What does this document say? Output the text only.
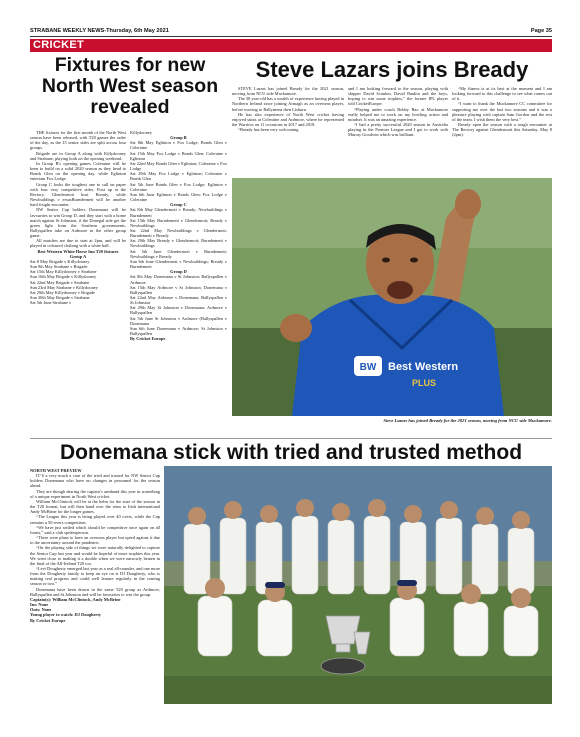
STRABANE WEEKLY NEWS-Thursday, 6th May 2021	Page 35
CRICKET
Fixtures for new North West season revealed
Steve Lazars joins Bready

THE fixtures for the first month of the North West season have been released, with T20 games the order of the day, as the 15 senior sides are split across four groups.

Brigade are in Group A along with Killydooney and Strabane, playing both on the opening weekend.

In Group B's opening games Coleraine will be keen to build on a solid 2020 season as they head to Bonds Glen on the opening day, while Eglinton entertain Fox Lodge.

Group C looks the toughest one to call on paper with four very competitive sides. First up at the Rectory, Glendermott host Bready, while Newbuildings v ersusBurndennett will be another hard fought encounter.

NW Senior Cup holders Donemana will be favourites to win Group D, and they start with a home match against St Johnston, if the Donegal side get the green light from the Southern governments. Ballyspallen take on Ardmore in the other group game.

All matches are due to start at 2pm, and will be played in coloured clothing with a white ball.

Best Western White Horse Inn T20 fixtures

Group A

Sat 8 May Brigade v Killydooney

Sun 9th May Strabane v Brigade

Sat 15th May Killydooney v Strabane

Sun 16th May Brigade v Killydooney

Sat 22nd May Brigade v Strabane

Sun 23rd May Strabane v Killydooney

Sat 29th May Killydooney v Brigade

Sun 30th May Brigade v Strabane

Sat 5th June Strabane v

Killydooney

Group B

Sat 8th May Eglinton v Fox Lodge; Bonds Glen v Coleraine

Sat 15th May Fox Lodge v Bonds Glen; Coleraine v Eglinton

Sat 22nd May Bonds Glen v Eglinton; Coleraine v Fox Lodge

Sat 29th May Fox Lodge v Eglinton; Coleraine v Bonds Glen

Sat 5th June Bonds Glen v Fox Lodge; Eglinton v Coleraine

Sun 6th June Eglinton v Bonds Glen; Fox Lodge v Coleraine

Group C

Sat 8th May Glendermott v Bready; Newbuildings v Burndennett

Sat 15th May Burndennett v Glendermott; Bready v Newbuildings

Sat 22nd May Newbuildings v Glendermott; Burndennett v Bready

Sat 29th May Bready v Glendermott; Burndennett v Newbuildings

Sat 5th June Glendermott v Burndennett; Newbuildings v Bready

Sun 6th June Glendermott v Newbuildings; Bready v Burndennett

Group D

Sat 8th May Donemana v St Johnston; Ballyspallen v Ardmore

Sat 15th May Ardmore v St Johnston; Donemana v Ballyspallen

Sat 22nd May Ardmore v Donemana; Ballyspallen v St Johnston

Sat 29th May St Johnston v Donemana; Ardmore v Ballyspallen

Sat 5th June St Johnston v Ardmore (Ballyspallen v Donemana

Sun 6th June Donemana v Ardmore; St Johnston v Ballyspallen

By Cricket Europe

STEVE Lazars has joined Bready for the 2021 season, moving from NCU side Muckamore.

The 38 year-old has a wealth of experience having played in Northern Ireland since joining Armagh as an overseas player, before moving to Ballymena then Lisburn.

He has also experience of North West cricket having enjoyed stints at Coleraine and Ardmore, where he represented the Warriors on 11 occasions in 2017 and 2018.

“Bready has been very welcoming

and I am looking forward to the season, playing with skipper David Scanlon, David Rankin and the boys, hoping to win some trophies,” the former IPL player told CricketEurope.

“Playing under coach Bobby Rao at Muckamore really helped me to work on my bowling action and mindset. It was an amazing experience.

“I had a pretty successful 2020 season in Australia playing in the Premier League and I got to work with Murray Goodwin which was brilliant.

“My fitness is at its best at the moment and I am looking forward to this challenge to see what comes out of it.

“I want to thank the Muckamore CC committee for supporting me over the last two seasons and it was a pleasure playing with captain Sam Gordon and the rest of the team. I wish them the very best.”

Bready open the season with a tough encounter at The Rectory against Glendermott this Saturday, May 8 (2pm).

BW Best Western
PLUS
Steve Lazars has joined Bready for the 2021 season, moving from NCU side Muckamore.
Donemana stick with tried and trusted method

NORTH WEST PREVIEW

IT’S a very much a case of the tried and trusted for NW Senior Cup holders Donemana who have no changes in personnel for the season ahead.

They are though sharing the captain’s armband this year in something of a unique experiment in North West cricket.

William McClintock will be at the helm for the start of the season in the T20 format, but will then hand over the reins to Irish international Andy McBrine for the longer games.

“The League this year is being played over 40 overs, while the Cup remains a 50-overs competition.

“We have just settled which should be competitive once again on all fronts,” said a club spokesperson.

“There were plans to have an overseas player but opted against it due to the uncertainty around the pandemic.

“On the playing side of things we were naturally delighted to capture the Senior Cup last year and would be hopeful of more trophies this year. We went close to making it a double when we were narrowly beaten in the final of the All-Ireland T20 too.

“Levi Dougherty emerged last year as a real all-rounder, and one more from the Dougherty family to keep an eye on is DJ Dougherty, who is making real progress and could well feature regularly in the coming season or two.”

Donemana have been drawn in the same T20 group as Ardmore, Ballyspallen and St Johnston and will be favourites to win the group.

Captain(s): William McClintock, Andy McBrine

Ins: None

Outs: None

Young player to watch: DJ Dougherty

By Cricket Europe
